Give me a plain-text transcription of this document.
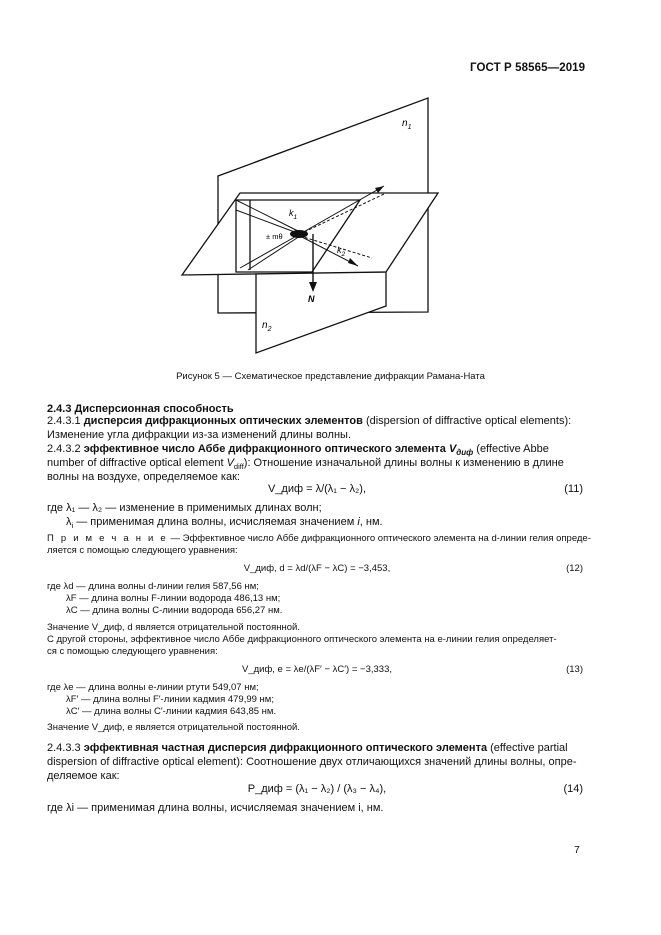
ГОСТ Р 58565—2019
$n_1$
$n_2$
$k_1$
$k_2$
N
± mθ
Рисунок 5 — Схематическое представление дифракции Рамана-Ната
2.4.3 Дисперсионная способность
2.4.3.1 дисперсия дифракционных оптических элементов (dispersion of diffractive optical elements):
Изменение угла дифракции из-за изменений длины волны.
2.4.3.2 эффективное число Аббе дифракционного оптического элемента $V_{диф}$ (effective Abbe
number of diffractive optical element $V_{diff}$): Отношение изначальной длины волны к изменению в длине
волны на воздухе, определяемое как:
V_диф = λ/(λ₁ − λ₂),	(11)
где λ₁ — λ₂ — изменение в применимых длинах волн;
$\lambda_i$ — применимая длина волны, исчисляемая значением i, нм.
П р и м е ч а н и е — Эффективное число Аббе дифракционного оптического элемента на d-линии гелия опреде-
ляется с помощью следующего уравнения:
V_диф, d = λd/(λF − λC) = −3,453,	(12)
где λd — длина волны d-линии гелия 587,56 нм;
λF — длина волны F-линии водорода 486,13 нм;
λC — длина волны С-линии водорода 656,27 нм.
Значение V_диф, d является отрицательной постоянной.
С другой стороны, эффективное число Аббе дифракционного оптического элемента на e-линии гелия определяет-
ся с помощью следующего уравнения:
V_диф, e = λe/(λF′ − λC′) = −3,333,	(13)
где λe — длина волны e-линии ртути 549,07 нм;
λF′ — длина волны F′-линии кадмия 479,99 нм;
λC′ — длина волны C′-линии кадмия 643,85 нм.
Значение V_диф, e является отрицательной постоянной.
2.4.3.3 эффективная частная дисперсия дифракционного оптического элемента (effective partial
dispersion of diffractive optical element): Соотношение двух отличающихся значений длины волны, опре-
деляемое как:
P_диф = (λ₁ − λ₂) / (λ₃ − λ₄),	(14)
где λi — применимая длина волны, исчисляемая значением i, нм.
7
